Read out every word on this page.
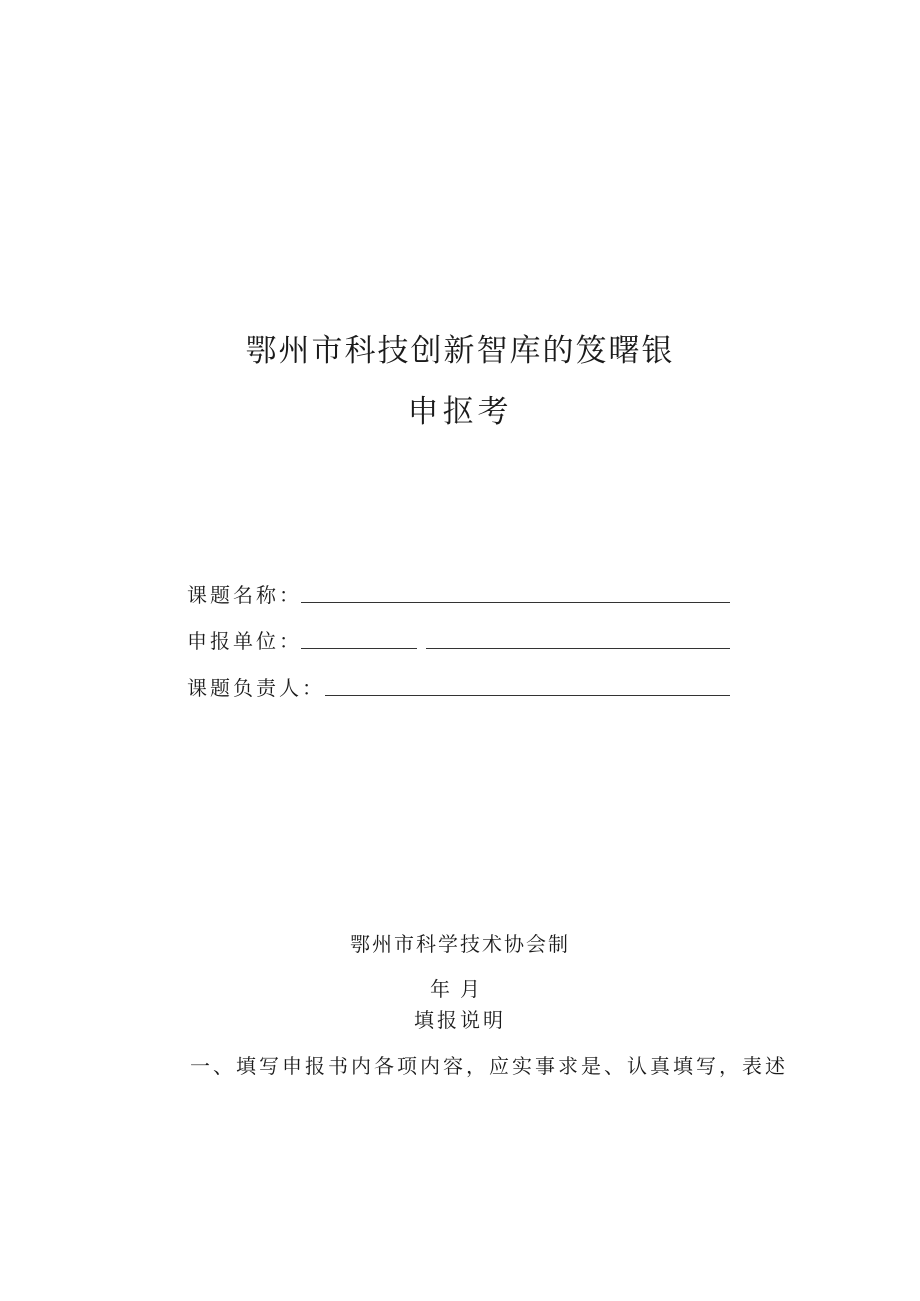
鄂州市科技创新智库的笈曙银
申抠考
课题名称：
申报单位：
课题负责人：
鄂州市科学技术协会制
年月
填报说明
一、填写申报书内各项内容，应实事求是、认真填写，表述
